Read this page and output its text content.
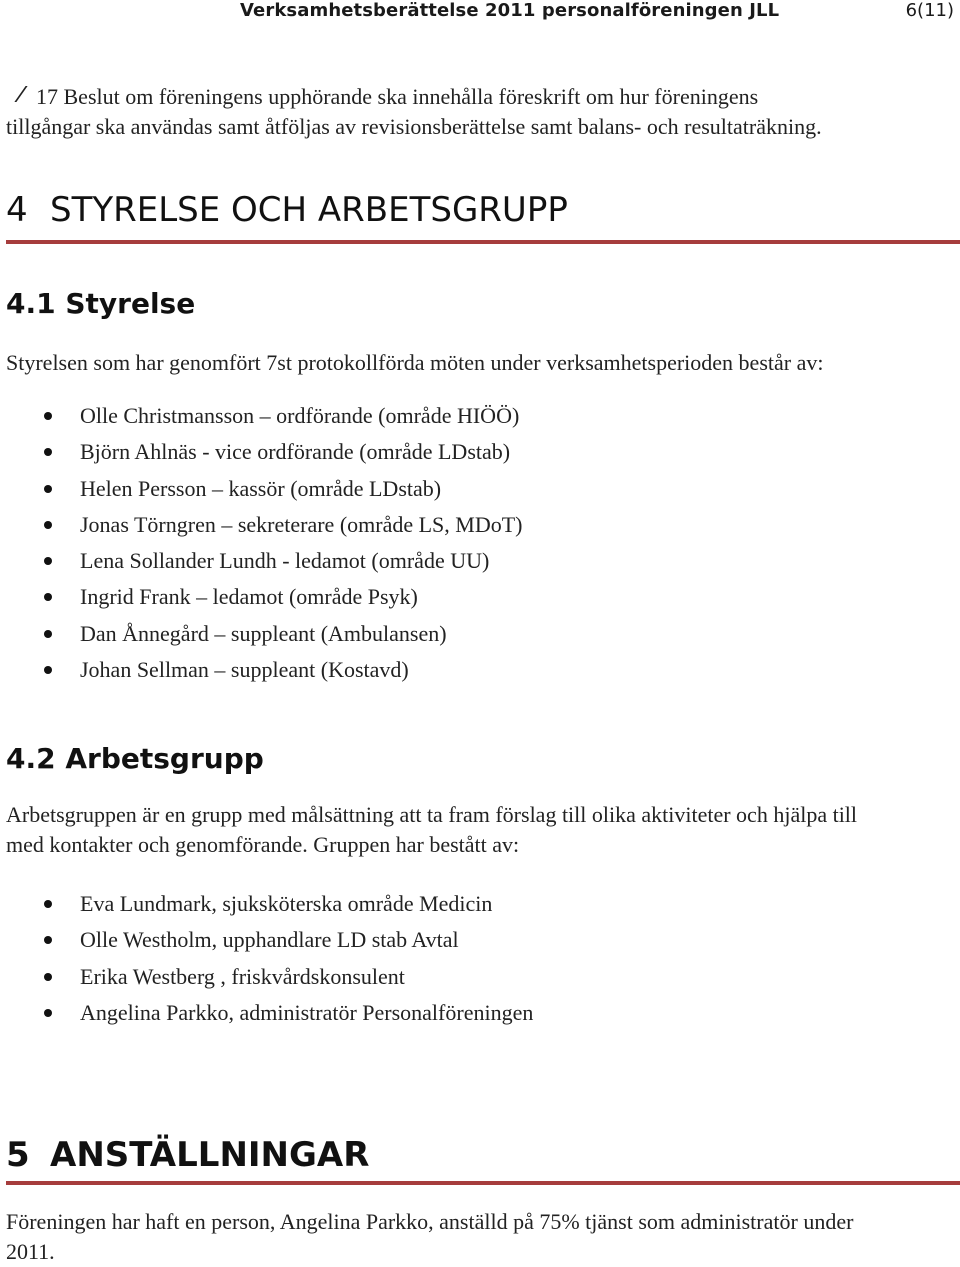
Verksamhetsberättelse 2011 personalföreningen JLL	6(11)
17 Beslut om föreningens upphörande ska innehålla föreskrift om hur föreningens
tillgångar ska användas samt åtföljas av revisionsberättelse samt balans- och resultaträkning.
4 STYRELSE OCH ARBETSGRUPP
4.1 Styrelse

Styrelsen som har genomfört 7st protokollförda möten under verksamhetsperioden består av:

Olle Christmansson – ordförande (område HIÖÖ)
Björn Ahlnäs - vice ordförande (område LDstab)
Helen Persson – kassör (område LDstab)
Jonas Törngren – sekreterare (område LS, MDoT)
Lena Sollander Lundh - ledamot (område UU)
Ingrid Frank – ledamot (område Psyk)
Dan Ånnegård – suppleant (Ambulansen)
Johan Sellman – suppleant (Kostavd)
4.2 Arbetsgrupp

Arbetsgruppen är en grupp med målsättning att ta fram förslag till olika aktiviteter och hjälpa till
med kontakter och genomförande. Gruppen har bestått av:

Eva Lundmark, sjuksköterska område Medicin
Olle Westholm, upphandlare LD stab Avtal
Erika Westberg , friskvårdskonsulent
Angelina Parkko, administratör Personalföreningen
5 ANSTÄLLNINGAR

Föreningen har haft en person, Angelina Parkko, anställd på 75% tjänst som administratör under
2011.
